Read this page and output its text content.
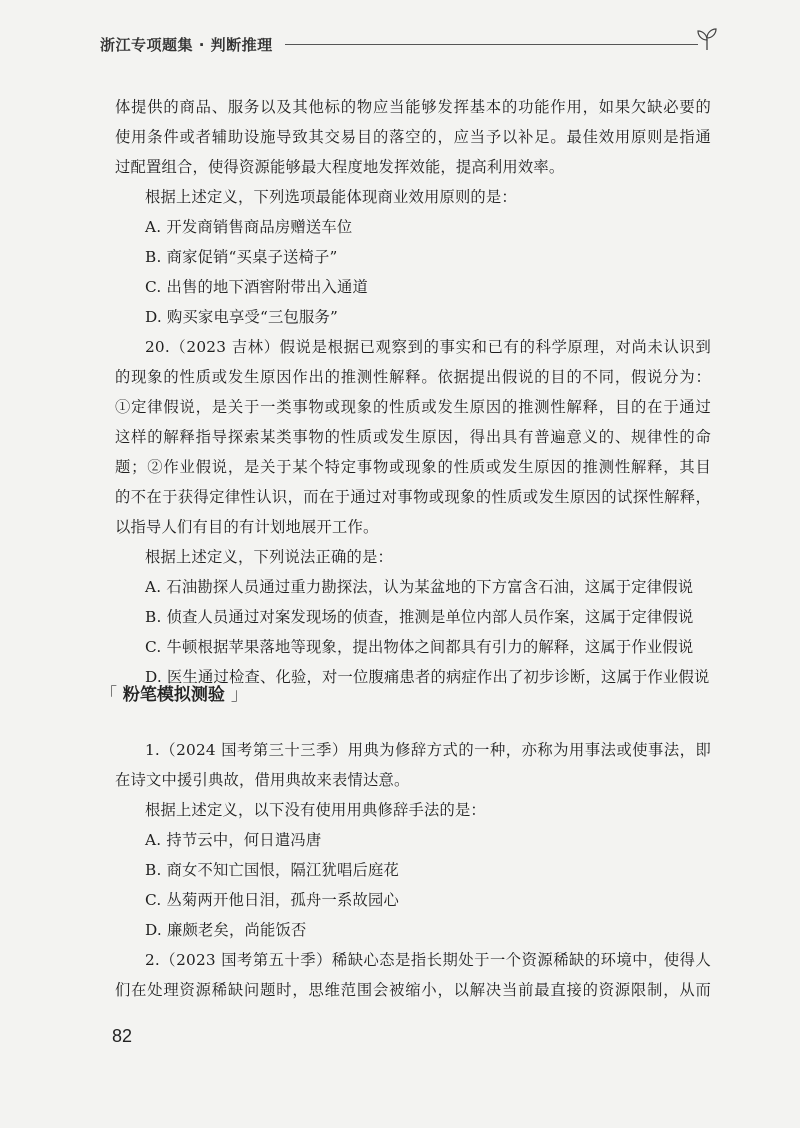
浙江专项题集 · 判断推理

体提供的商品、服务以及其他标的物应当能够发挥基本的功能作用，如果欠缺必要的

使用条件或者辅助设施导致其交易目的落空的，应当予以补足。最佳效用原则是指通

过配置组合，使得资源能够最大程度地发挥效能，提高利用效率。

根据上述定义，下列选项最能体现商业效用原则的是：

A. 开发商销售商品房赠送车位

B. 商家促销“买桌子送椅子”

C. 出售的地下酒窖附带出入通道

D. 购买家电享受“三包服务”

20.（2023 吉林）假说是根据已观察到的事实和已有的科学原理，对尚未认识到

的现象的性质或发生原因作出的推测性解释。依据提出假说的目的不同，假说分为：

①定律假说，是关于一类事物或现象的性质或发生原因的推测性解释，目的在于通过

这样的解释指导探索某类事物的性质或发生原因，得出具有普遍意义的、规律性的命

题；②作业假说，是关于某个特定事物或现象的性质或发生原因的推测性解释，其目

的不在于获得定律性认识，而在于通过对事物或现象的性质或发生原因的试探性解释，

以指导人们有目的有计划地展开工作。

根据上述定义，下列说法正确的是：

A. 石油勘探人员通过重力勘探法，认为某盆地的下方富含石油，这属于定律假说

B. 侦查人员通过对案发现场的侦查，推测是单位内部人员作案，这属于定律假说

C. 牛顿根据苹果落地等现象，提出物体之间都具有引力的解释，这属于作业假说

D. 医生通过检查、化验，对一位腹痛患者的病症作出了初步诊断，这属于作业假说

「 粉笔模拟测验 」

1.（2024 国考第三十三季）用典为修辞方式的一种，亦称为用事法或使事法，即

在诗文中援引典故，借用典故来表情达意。

根据上述定义，以下没有使用用典修辞手法的是：

A. 持节云中，何日遣冯唐

B. 商女不知亡国恨，隔江犹唱后庭花

C. 丛菊两开他日泪，孤舟一系故园心

D. 廉颇老矣，尚能饭否

2.（2023 国考第五十季）稀缺心态是指长期处于一个资源稀缺的环境中，使得人

们在处理资源稀缺问题时，思维范围会被缩小，以解决当前最直接的资源限制，从而

82
